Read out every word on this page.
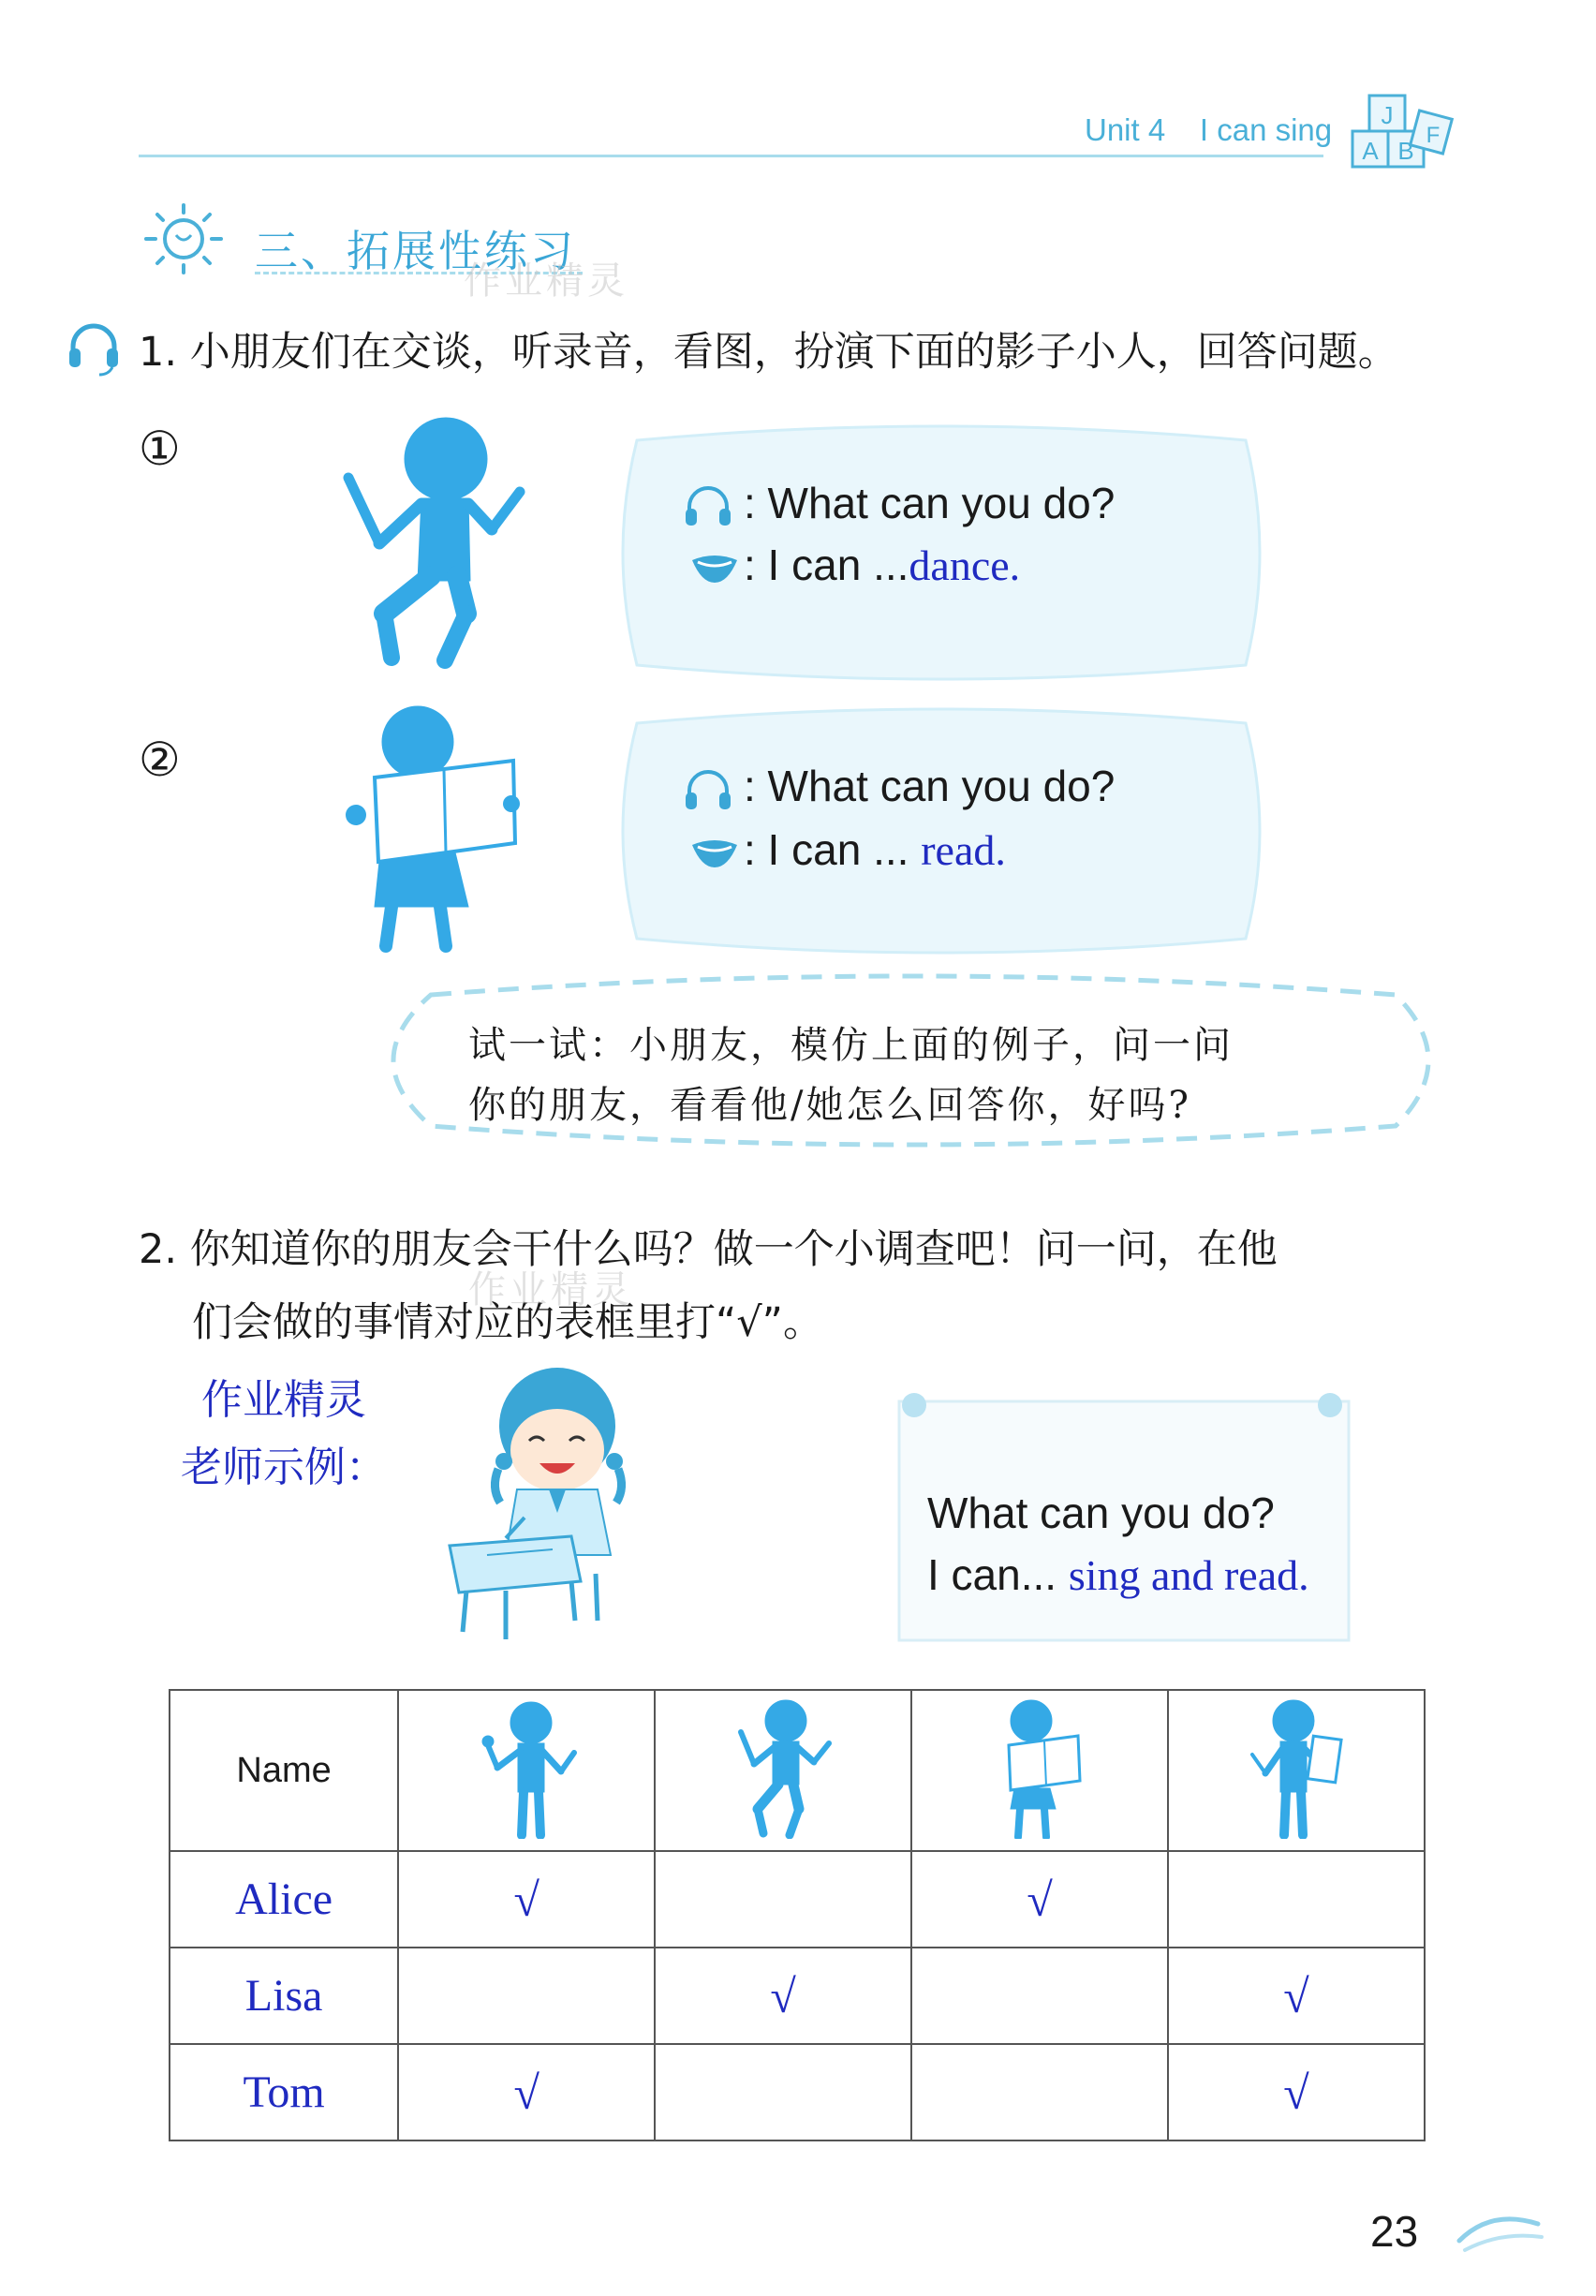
Unit 4    I can sing J
A B
F
三、拓展性练习
作业精灵
1. 小朋友们在交谈，听录音，看图，扮演下面的影子小人，回答问题。
①
: What can you do?
: I can ...dance.
②	: What can you do?
: I can ... read.
试一试：小朋友，模仿上面的例子，问一问
你的朋友，看看他/她怎么回答你，好吗?
2. 你知道你的朋友会干什么吗？做一个小调查吧！问一问，在他
们会做的事情对应的表框里打“√”。
作业精灵
作业精灵
老师示例：
What can you do?
I can... sing and read.
Name				
Alice	√		√	
Lisa		√		√
Tom	√			√
23
